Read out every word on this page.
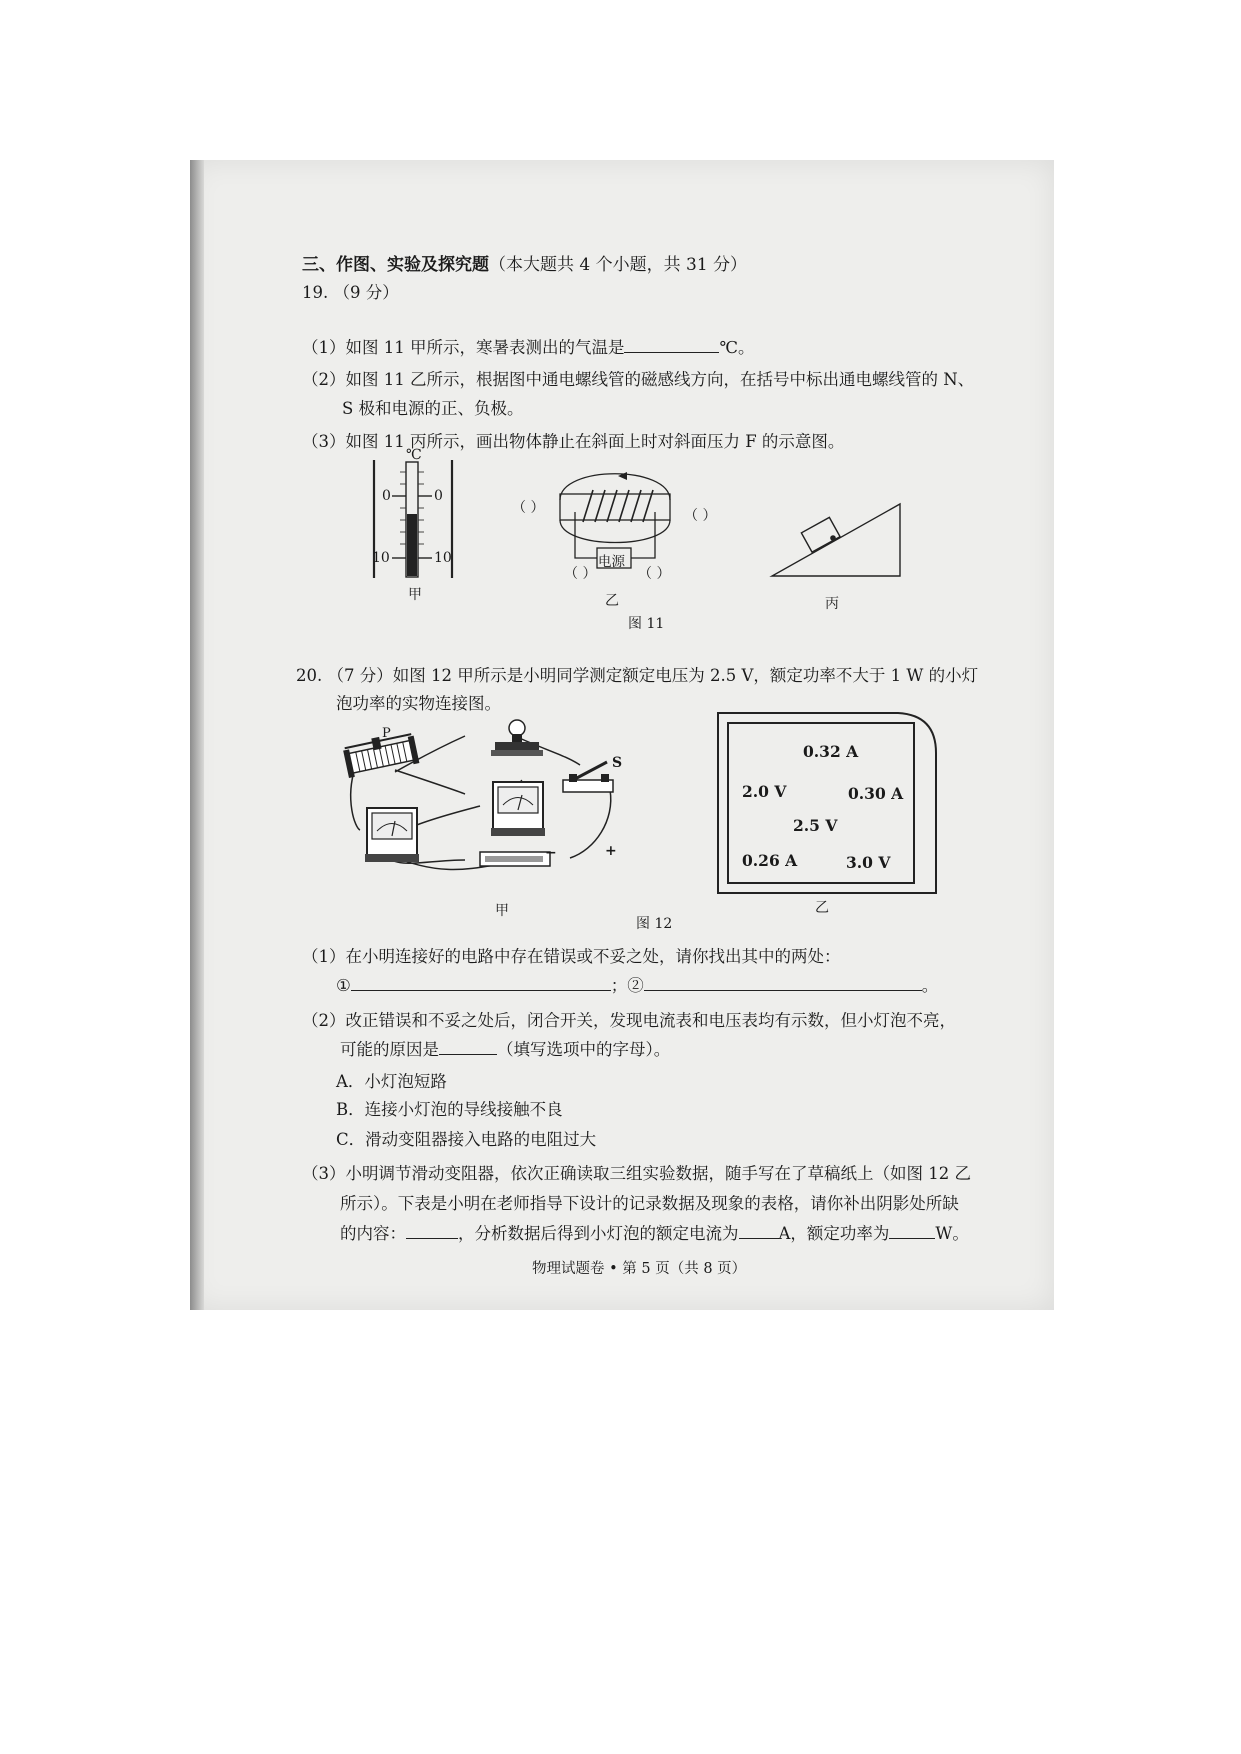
三、作图、实验及探究题（本大题共 4 个小题，共 31 分）
19. （9 分）
（1）如图 11 甲所示，寒暑表测出的气温是	℃。
（2）如图 11 乙所示，根据图中通电螺线管的磁感线方向，在括号中标出通电螺线管的 N、
S 极和电源的正、负极。
（3）如图 11 丙所示，画出物体静止在斜面上时对斜面压力 F 的示意图。
℃
0	0
10	10
甲
电源
（ ）	（ ）
（ ）	（ ）
乙
图 11
丙
20. （7 分）如图 12 甲所示是小明同学测定额定电压为 2.5 V，额定功率不大于 1 W 的小灯
泡功率的实物连接图。
P
S
−	+
甲
0.32 A
2.0 V	0.30 A
2.5 V
0.26 A	3.0 V
乙
图 12
（1）在小明连接好的电路中存在错误或不妥之处，请你找出其中的两处：
①	；②	。
（2）改正错误和不妥之处后，闭合开关，发现电流表和电压表均有示数，但小灯泡不亮，
可能的原因是	（填写选项中的字母）。
A．小灯泡短路
B．连接小灯泡的导线接触不良
C．滑动变阻器接入电路的电阻过大
（3）小明调节滑动变阻器，依次正确读取三组实验数据，随手写在了草稿纸上（如图 12 乙
所示）。下表是小明在老师指导下设计的记录数据及现象的表格，请你补出阴影处所缺
的内容：	，分析数据后得到小灯泡的额定电流为 A，额定功率为	W。
物理试题卷 • 第 5 页（共 8 页）
